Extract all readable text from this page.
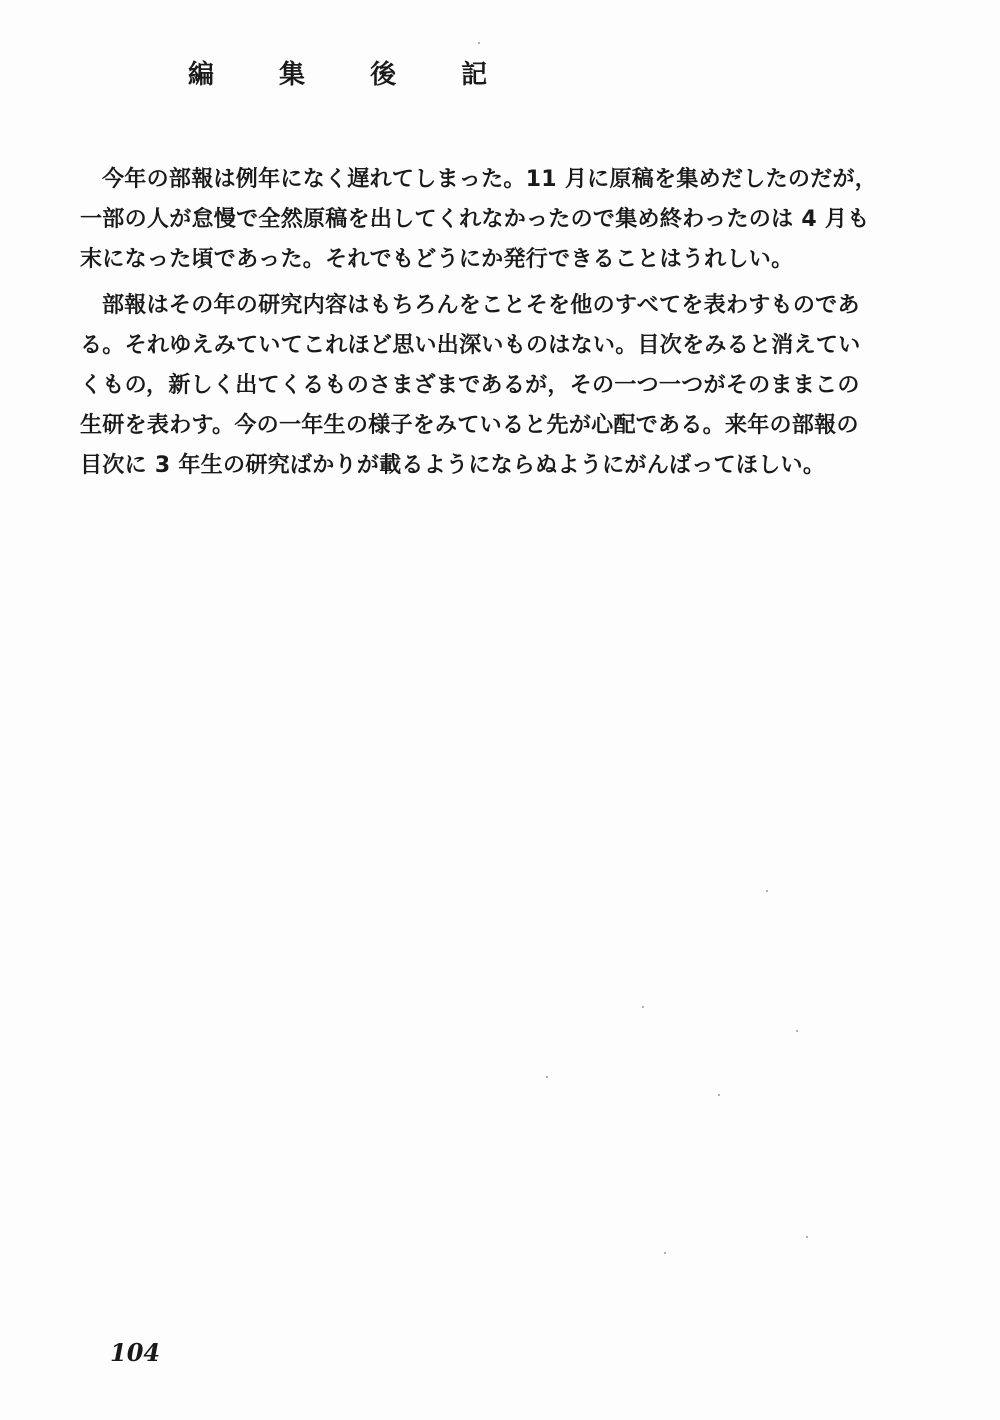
編 集 後 記
今年の部報は例年になく遅れてしまった。11 月に原稿を集めだしたのだが，
一部の人が怠慢で全然原稿を出してくれなかったので集め終わったのは 4 月も
末になった頃であった。それでもどうにか発行できることはうれしい。
部報はその年の研究内容はもちろんをことそを他のすべてを表わすものであ
る。それゆえみていてこれほど思い出深いものはない。目次をみると消えてい
くもの，新しく出てくるものさまざまであるが，その一つ一つがそのままこの
生研を表わす。今の一年生の様子をみていると先が心配である。来年の部報の
目次に 3 年生の研究ばかりが載るようにならぬようにがんばってほしい。
104
